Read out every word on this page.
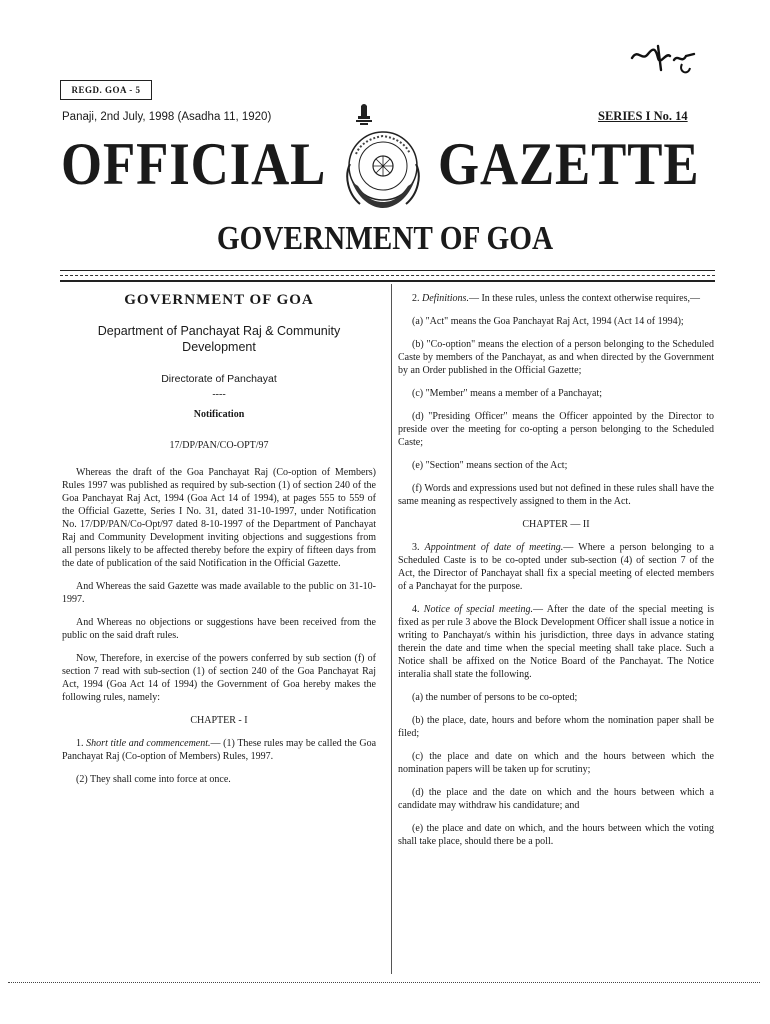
REGD. GOA - 5
Panaji, 2nd July, 1998 (Asadha 11, 1920)	SERIES I No. 14
OFFICIAL GAZETTE
GOVERNMENT OF GOA
GOVERNMENT OF GOA
Department of Panchayat Raj & Community Development
Directorate of Panchayat
----
Notification
17/DP/PAN/CO-OPT/97

Whereas the draft of the Goa Panchayat Raj (Co-option of Members) Rules 1997 was published as required by sub-section (1) of section 240 of the Goa Panchayat Raj Act, 1994 (Goa Act 14 of 1994), at pages 555 to 559 of the Official Gazette, Series I No. 31, dated 31-10-1997, under Notification No. 17/DP/PAN/Co-Opt/97 dated 8-10-1997 of the Department of Panchayat Raj and Community Development inviting objections and suggestions from all persons likely to be affected thereby before the expiry of fifteen days from the date of publication of the said Notification in the Official Gazette.

And Whereas the said Gazette was made available to the public on 31-10-1997.

And Whereas no objections or suggestions have been received from the public on the said draft rules.

Now, Therefore, in exercise of the powers conferred by sub section (f) of section 7 read with sub-section (1) of section 240 of the Goa Panchayat Raj Act, 1994 (Goa Act 14 of 1994) the Government of Goa hereby makes the following rules, namely:

CHAPTER - I

1. Short title and commencement.— (1) These rules may be called the Goa Panchayat Raj (Co-option of Members) Rules, 1997.

(2) They shall come into force at once.

2. Definitions.— In these rules, unless the context otherwise requires,—

(a) "Act" means the Goa Panchayat Raj Act, 1994 (Act 14 of 1994);

(b) "Co-option" means the election of a person belonging to the Scheduled Caste by members of the Panchayat, as and when directed by the Government by an Order published in the Official Gazette;

(c) "Member" means a member of a Panchayat;

(d) "Presiding Officer" means the Officer appointed by the Director to preside over the meeting for co-opting a person belonging to the Scheduled Caste;

(e) "Section" means section of the Act;

(f) Words and expressions used but not defined in these rules shall have the same meaning as respectively assigned to them in the Act.

CHAPTER — II

3. Appointment of date of meeting.— Where a person belonging to a Scheduled Caste is to be co-opted under sub-section (4) of section 7 of the Act, the Director of Panchayat shall fix a special meeting of elected members of a Panchayat for the purpose.

4. Notice of special meeting.— After the date of the special meeting is fixed as per rule 3 above the Block Development Officer shall issue a notice in writing to Panchayat/s within his jurisdiction, three days in advance stating therein the date and time when the special meeting shall take place. Such a Notice shall be affixed on the Notice Board of the Panchayat. The Notice interalia shall state the following.

(a) the number of persons to be co-opted;

(b) the place, date, hours and before whom the nomination paper shall be filed;

(c) the place and date on which and the hours between which the nomination papers will be taken up for scrutiny;

(d) the place and the date on which and the hours between which a candidate may withdraw his candidature; and

(e) the place and date on which, and the hours between which the voting shall take place, should there be a poll.
